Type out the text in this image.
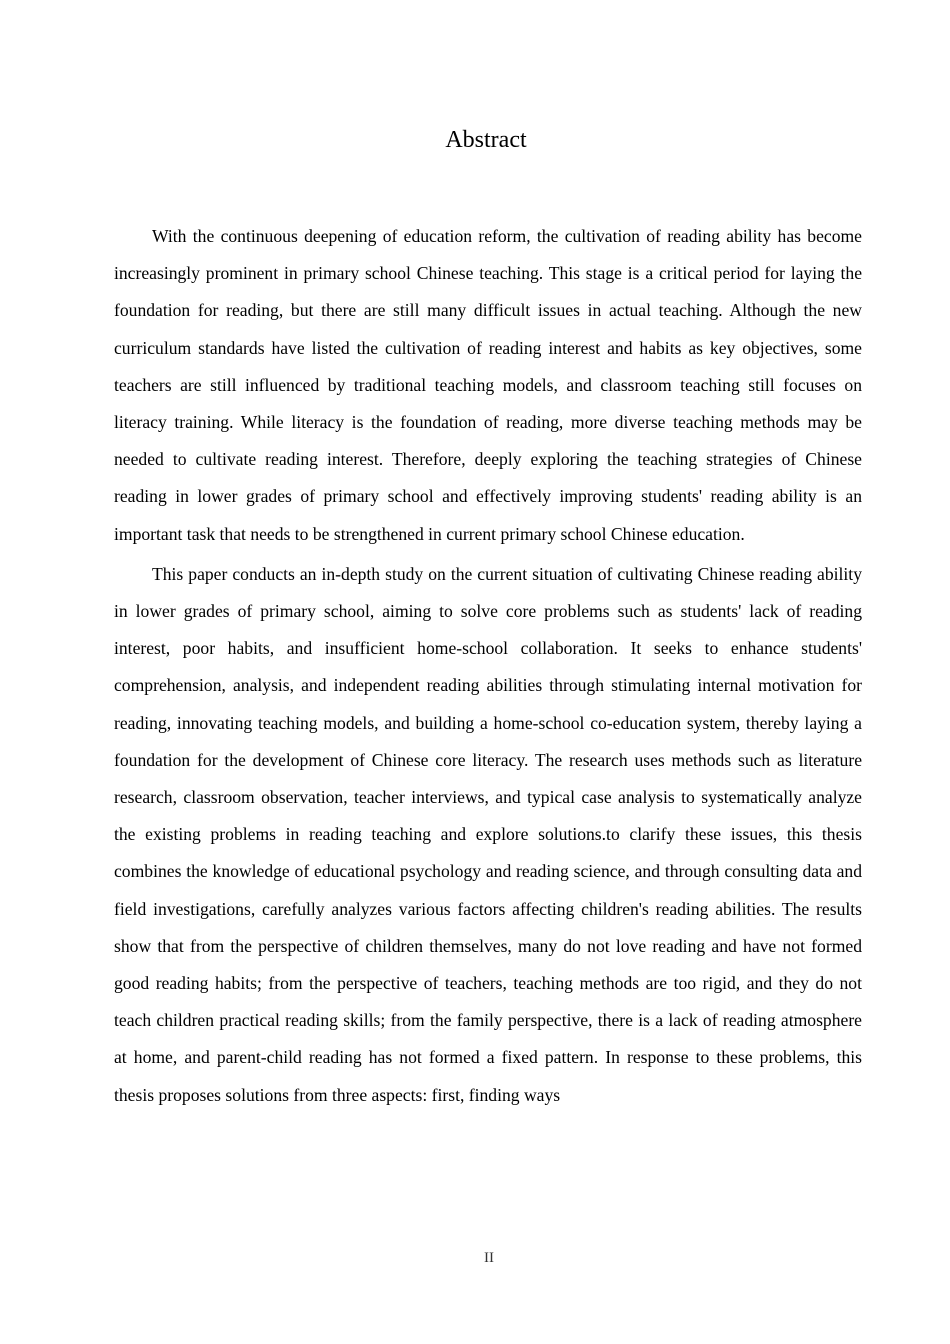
Abstract

With the continuous deepening of education reform, the cultivation of reading ability has become increasingly prominent in primary school Chinese teaching. This stage is a critical period for laying the foundation for reading, but there are still many difficult issues in actual teaching. Although the new curriculum standards have listed the cultivation of reading interest and habits as key objectives, some teachers are still influenced by traditional teaching models, and classroom teaching still focuses on literacy training. While literacy is the foundation of reading, more diverse teaching methods may be needed to cultivate reading interest. Therefore, deeply exploring the teaching strategies of Chinese reading in lower grades of primary school and effectively improving students' reading ability is an important task that needs to be strengthened in current primary school Chinese education.

This paper conducts an in-depth study on the current situation of cultivating Chinese reading ability in lower grades of primary school, aiming to solve core problems such as students' lack of reading interest, poor habits, and insufficient home-school collaboration. It seeks to enhance students' comprehension, analysis, and independent reading abilities through stimulating internal motivation for reading, innovating teaching models, and building a home-school co-education system, thereby laying a foundation for the development of Chinese core literacy. The research uses methods such as literature research, classroom observation, teacher interviews, and typical case analysis to systematically analyze the existing problems in reading teaching and explore solutions.to clarify these issues, this thesis combines the knowledge of educational psychology and reading science, and through consulting data and field investigations, carefully analyzes various factors affecting children's reading abilities. The results show that from the perspective of children themselves, many do not love reading and have not formed good reading habits; from the perspective of teachers, teaching methods are too rigid, and they do not teach children practical reading skills; from the family perspective, there is a lack of reading atmosphere at home, and parent-child reading has not formed a fixed pattern. In response to these problems, this thesis proposes solutions from three aspects: first, finding ways

II
